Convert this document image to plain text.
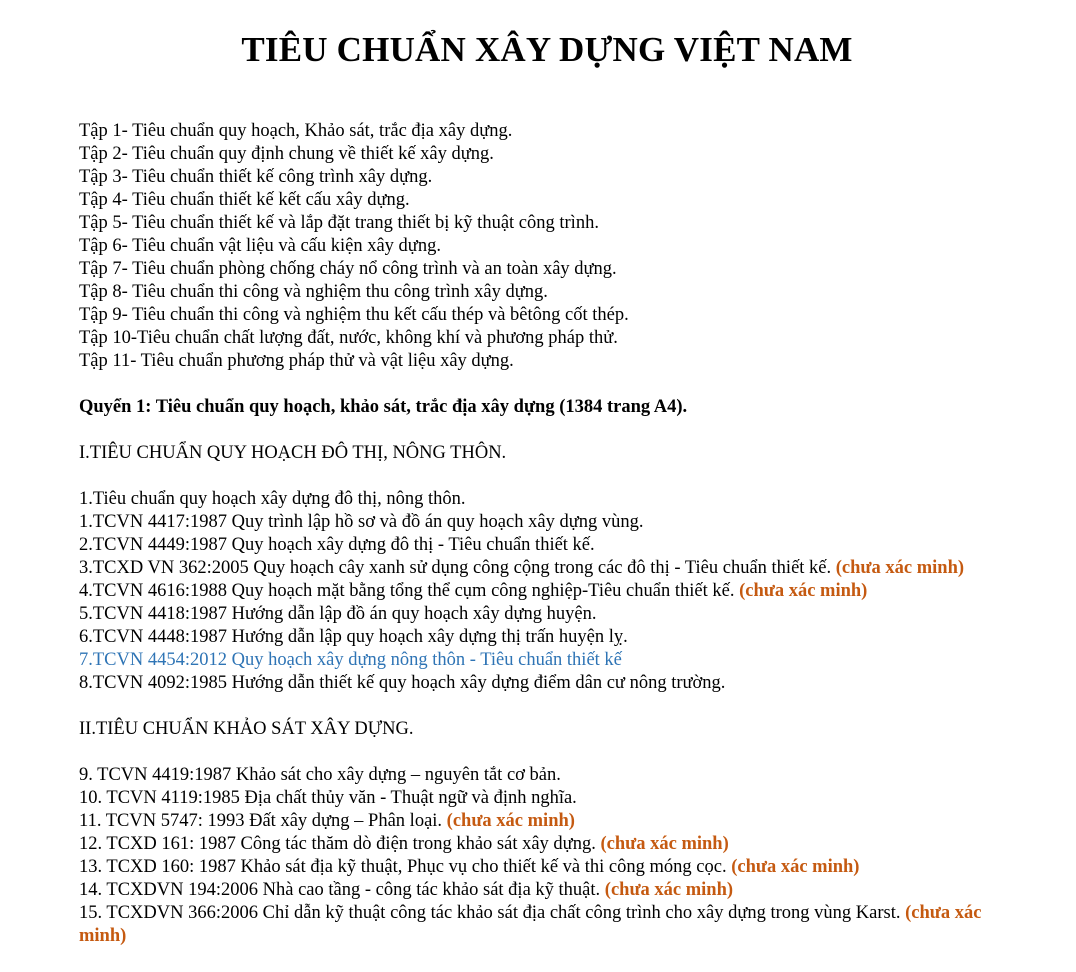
TIÊU CHUẨN XÂY DỰNG VIỆT NAM

Tập 1- Tiêu chuẩn quy hoạch, Khảo sát, trắc địa xây dựng.

Tập 2- Tiêu chuẩn quy định chung về thiết kế xây dựng.

Tập 3- Tiêu chuẩn thiết kế công trình xây dựng.

Tập 4- Tiêu chuẩn thiết kế kết cấu xây dựng.

Tập 5- Tiêu chuẩn thiết kế và lắp đặt trang thiết bị kỹ thuật công trình.

Tập 6- Tiêu chuẩn vật liệu và cấu kiện xây dựng.

Tập 7- Tiêu chuẩn phòng chống cháy nổ công trình và an toàn xây dựng.

Tập 8- Tiêu chuẩn thi công và nghiệm thu công trình xây dựng.

Tập 9- Tiêu chuẩn thi công và nghiệm thu kết cấu thép và bêtông cốt thép.

Tập 10-Tiêu chuẩn chất lượng đất, nước, không khí và phương pháp thử.

Tập 11- Tiêu chuẩn phương pháp thử và vật liệu xây dựng.

Quyển 1: Tiêu chuẩn quy hoạch, khảo sát, trắc địa xây dựng (1384 trang A4).

I.TIÊU CHUẨN QUY HOẠCH ĐÔ THỊ, NÔNG THÔN.

1.Tiêu chuẩn quy hoạch xây dựng đô thị, nông thôn.

1.TCVN 4417:1987 Quy trình lập hồ sơ và đồ án quy hoạch xây dựng vùng.

2.TCVN 4449:1987 Quy hoạch xây dựng đô thị - Tiêu chuẩn thiết kế.

3.TCXD VN 362:2005 Quy hoạch cây xanh sử dụng công cộng trong các đô thị - Tiêu chuẩn thiết kế. (chưa xác minh)

4.TCVN 4616:1988 Quy hoạch mặt bằng tổng thể cụm công nghiệp-Tiêu chuẩn thiết kế. (chưa xác minh)

5.TCVN 4418:1987 Hướng dẫn lập đồ án quy hoạch xây dựng huyện.

6.TCVN 4448:1987 Hướng dẫn lập quy hoạch xây dựng thị trấn huyện lỵ.

7.TCVN 4454:2012 Quy hoạch xây dựng nông thôn - Tiêu chuẩn thiết kế

8.TCVN 4092:1985 Hướng dẫn thiết kế quy hoạch xây dựng điểm dân cư nông trường.

II.TIÊU CHUẨN KHẢO SÁT XÂY DỰNG.

9. TCVN 4419:1987 Khảo sát cho xây dựng – nguyên tắt cơ bản.

10. TCVN 4119:1985 Địa chất thủy văn - Thuật ngữ và định nghĩa.

11. TCVN 5747: 1993 Đất xây dựng – Phân loại. (chưa xác minh)

12. TCXD 161: 1987 Công tác thăm dò điện trong khảo sát xây dựng. (chưa xác minh)

13. TCXD 160: 1987 Khảo sát địa kỹ thuật, Phục vụ cho thiết kế và thi công móng cọc. (chưa xác minh)

14. TCXDVN 194:2006 Nhà cao tầng - công tác khảo sát địa kỹ thuật. (chưa xác minh)

15. TCXDVN 366:2006 Chỉ dẫn kỹ thuật công tác khảo sát địa chất công trình cho xây dựng trong vùng Karst. (chưa xác minh)
